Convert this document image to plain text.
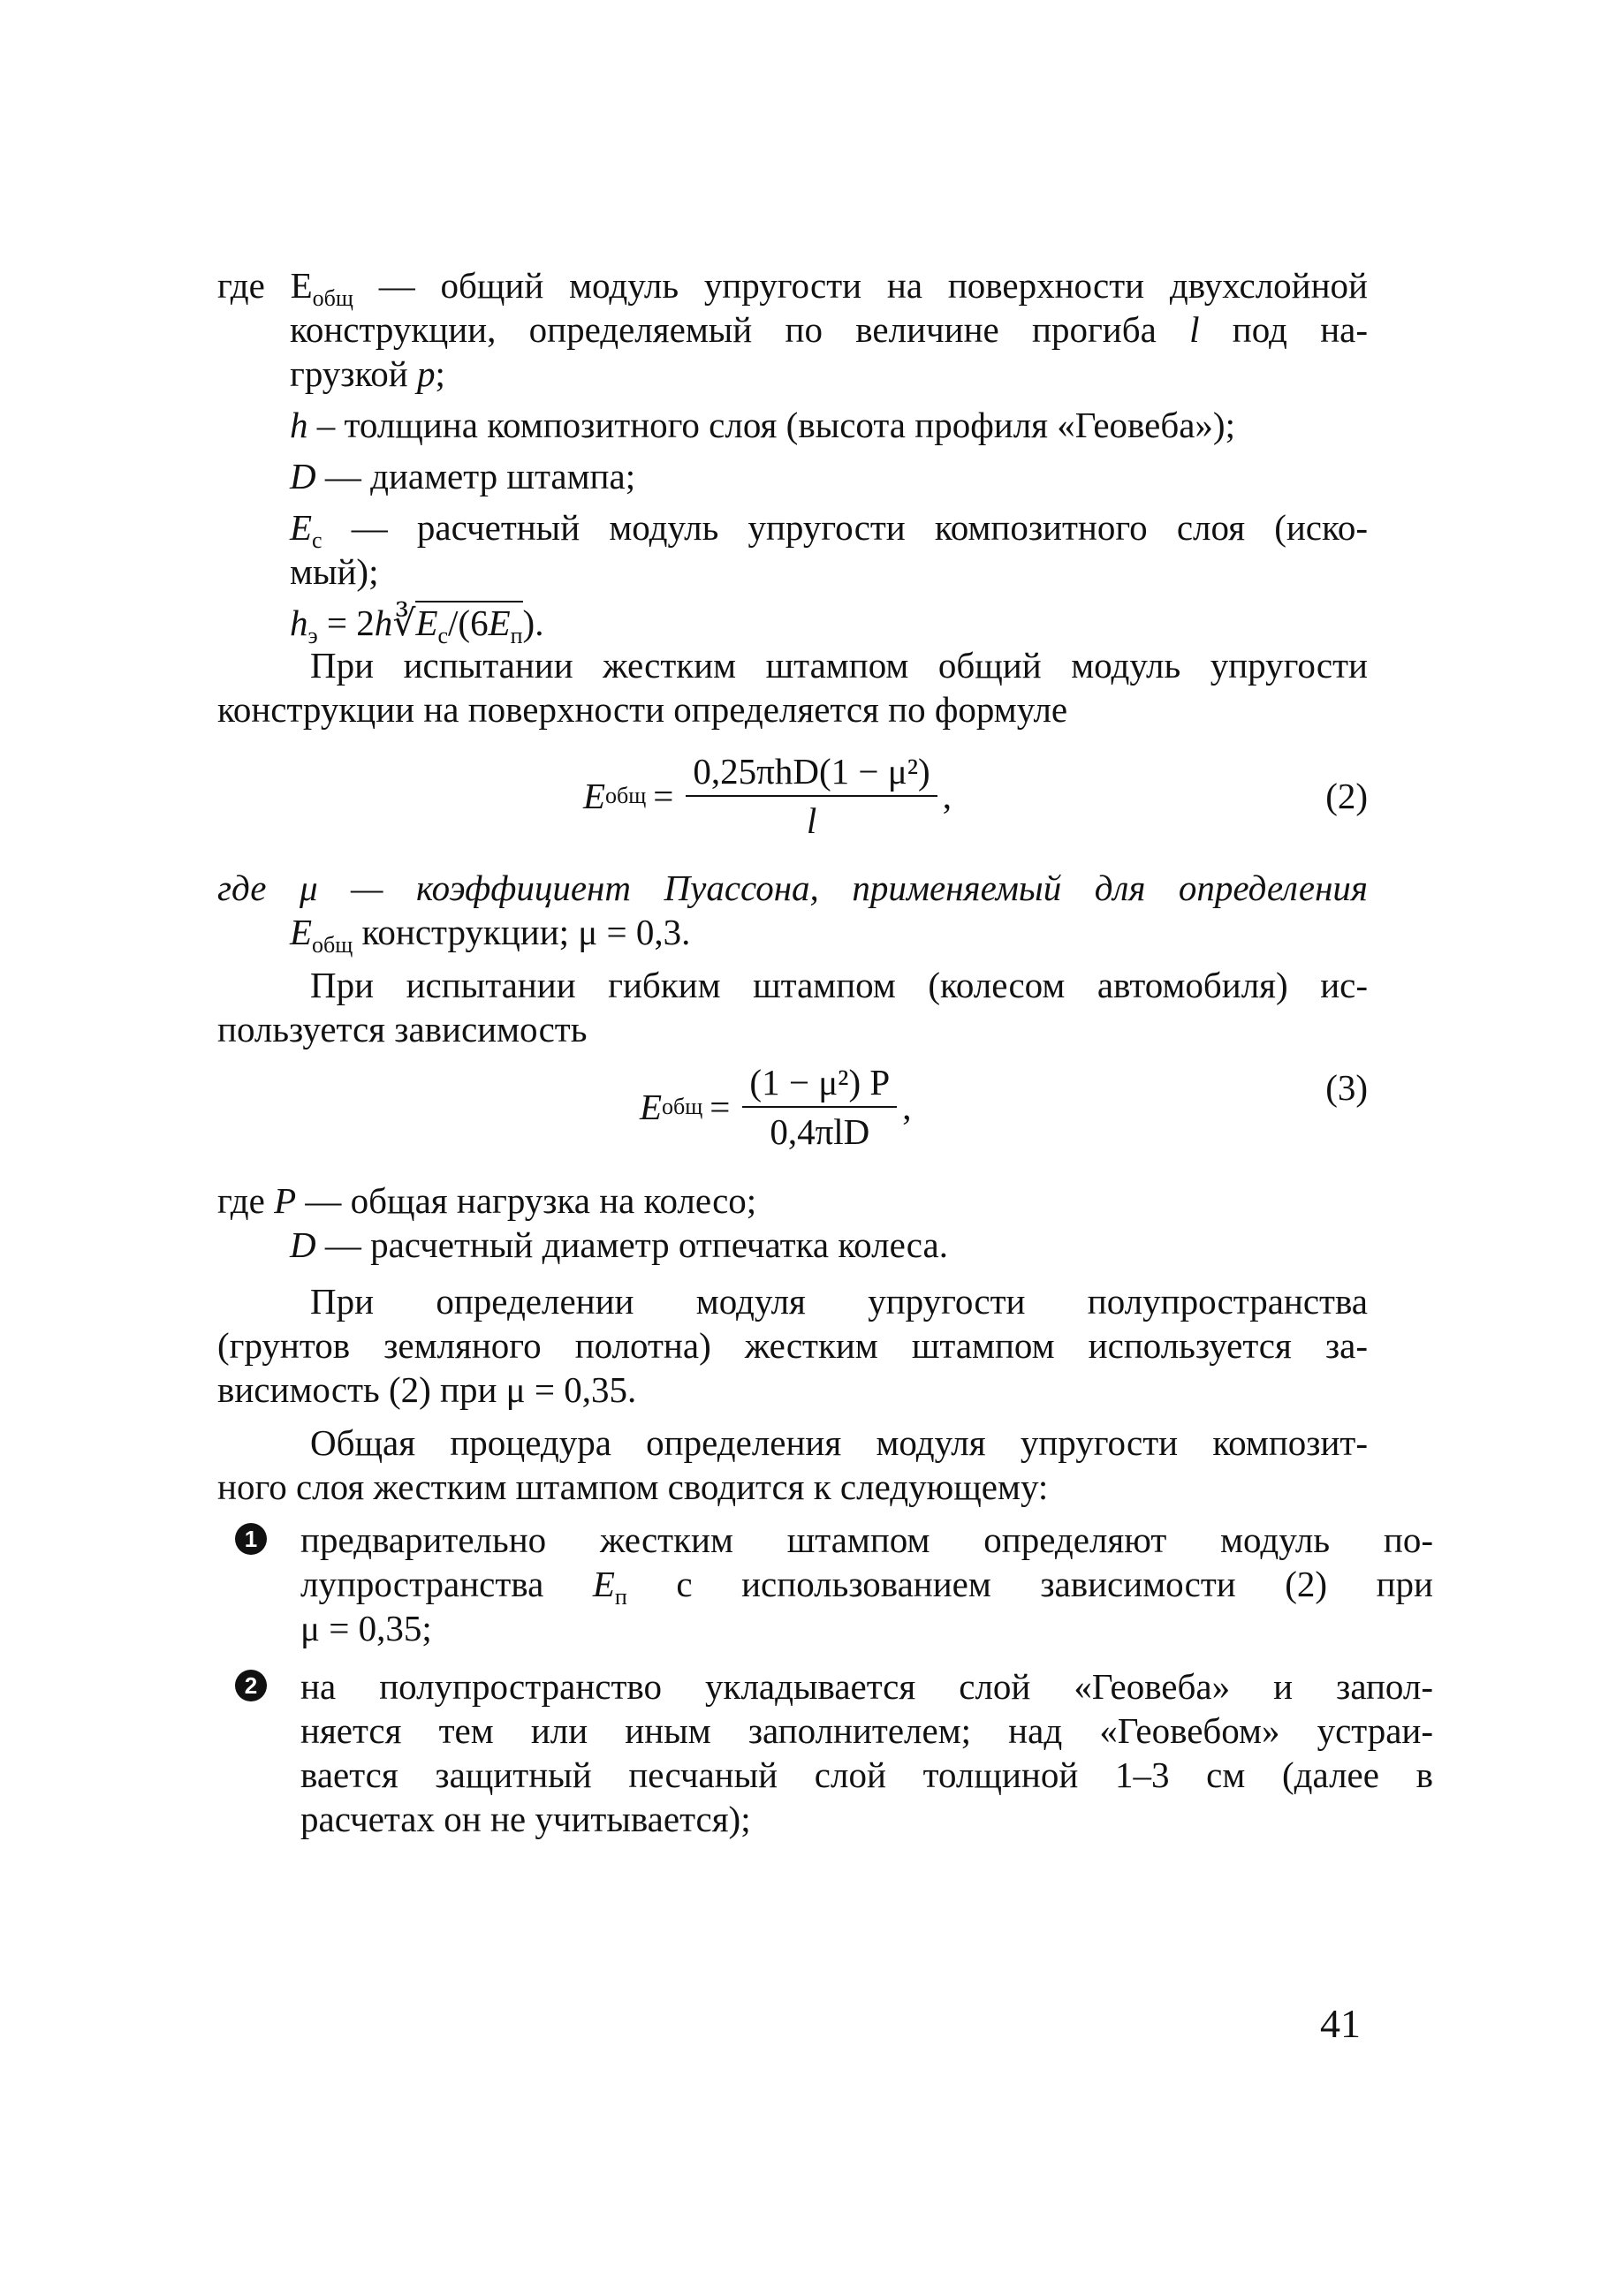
где $E_{общ}$ — общий модуль упругости на поверхности двухслойной
конструкции, определяемый по величине прогиба l под на-
грузкой p;
h – толщина композитного слоя (высота профиля «Геовеба»);
D — диаметр штампа;
$E_c$ — расчетный модуль упругости композитного слоя (иско-
мый);
$h_э$ = $2h∛E_c/(6E_п)$.
При испытании жестким штампом общий модуль упругости
конструкции на поверхности определяется по формуле
E общ = $\frac{\text{0,25πhD(1 − μ²)}}{l}$ ,	(2)
где μ — коэффициент Пуассона, применяемый для определения
$E_{общ}$ конструкции; μ = 0,3.
При испытании гибким штампом (колесом автомобиля) ис-
пользуется зависимость
E общ = $\frac{\text{(1 − μ²) P}}{\text{0,4πlD}}$ ,	(3)
где P — общая нагрузка на колесо;
D — расчетный диаметр отпечатка колеса.
При определении модуля упругости полупространства
(грунтов земляного полотна) жестким штампом используется за-
висимость (2) при μ = 0,35.
Общая процедура определения модуля упругости композит-
ного слоя жестким штампом сводится к следующему:
1 предварительно жестким штампом определяют модуль по-
лупространства $E_п$ с использованием зависимости (2) при
μ = 0,35;
2 на полупространство укладывается слой «Геовеба» и запол-
няется тем или иным заполнителем; над «Геовебом» устраи-
вается защитный песчаный слой толщиной 1–3 см (далее в
расчетах он не учитывается);
41
